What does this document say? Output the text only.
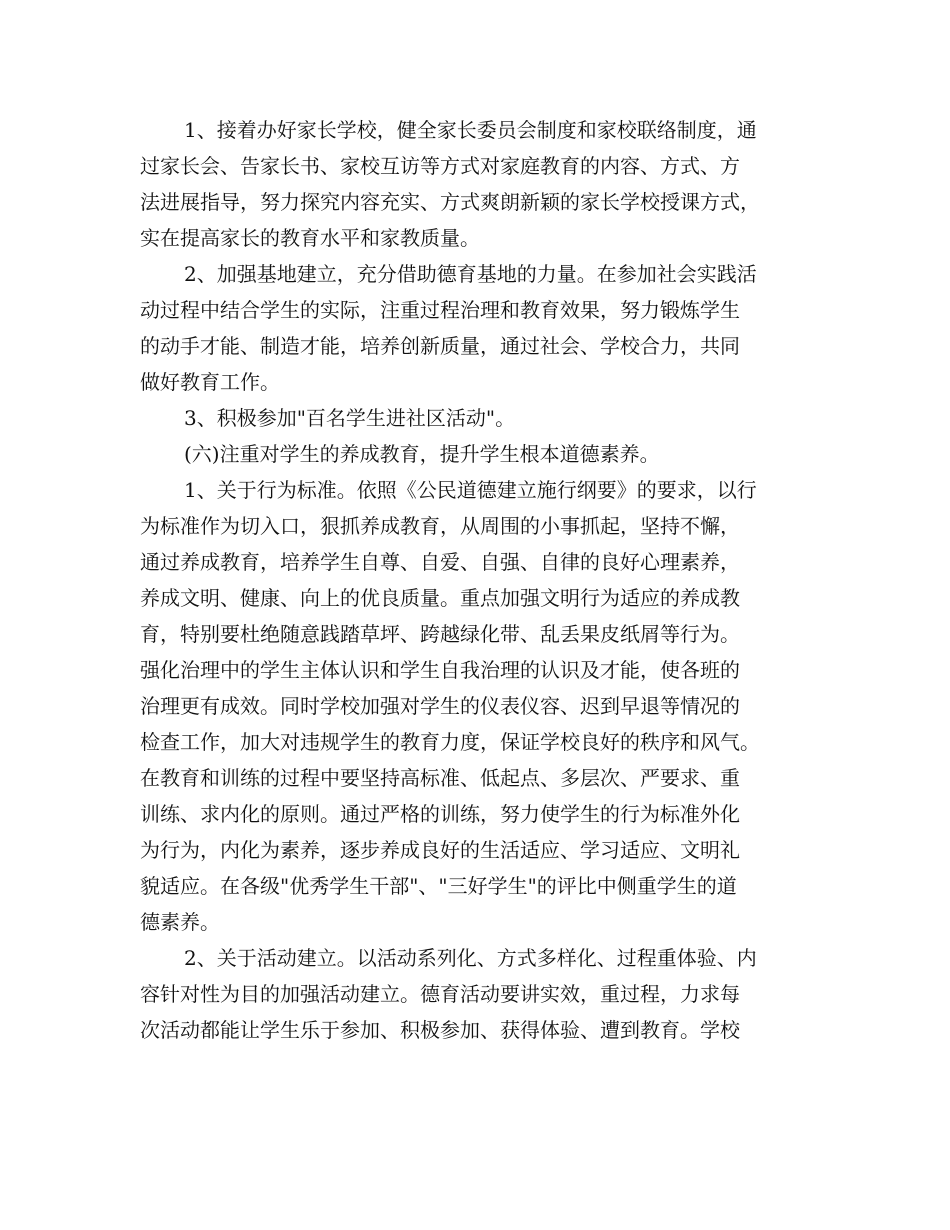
1、接着办好家长学校，健全家长委员会制度和家校联络制度，通
过家长会、告家长书、家校互访等方式对家庭教育的内容、方式、方
法进展指导，努力探究内容充实、方式爽朗新颖的家长学校授课方式，
实在提高家长的教育水平和家教质量。
2、加强基地建立，充分借助德育基地的力量。在参加社会实践活
动过程中结合学生的实际，注重过程治理和教育效果，努力锻炼学生
的动手才能、制造才能，培养创新质量，通过社会、学校合力，共同
做好教育工作。
3、积极参加"百名学生进社区活动"。
(六)注重对学生的养成教育，提升学生根本道德素养。
1、关于行为标准。依照《公民道德建立施行纲要》的要求，以行
为标准作为切入口，狠抓养成教育，从周围的小事抓起，坚持不懈，
通过养成教育，培养学生自尊、自爱、自强、自律的良好心理素养，
养成文明、健康、向上的优良质量。重点加强文明行为适应的养成教
育，特别要杜绝随意践踏草坪、跨越绿化带、乱丢果皮纸屑等行为。
强化治理中的学生主体认识和学生自我治理的认识及才能，使各班的
治理更有成效。同时学校加强对学生的仪表仪容、迟到早退等情况的
检查工作，加大对违规学生的教育力度，保证学校良好的秩序和风气。
在教育和训练的过程中要坚持高标准、低起点、多层次、严要求、重
训练、求内化的原则。通过严格的训练，努力使学生的行为标准外化
为行为，内化为素养，逐步养成良好的生活适应、学习适应、文明礼
貌适应。在各级"优秀学生干部"、"三好学生"的评比中侧重学生的道
德素养。
2、关于活动建立。以活动系列化、方式多样化、过程重体验、内
容针对性为目的加强活动建立。德育活动要讲实效，重过程，力求每
次活动都能让学生乐于参加、积极参加、获得体验、遭到教育。学校
